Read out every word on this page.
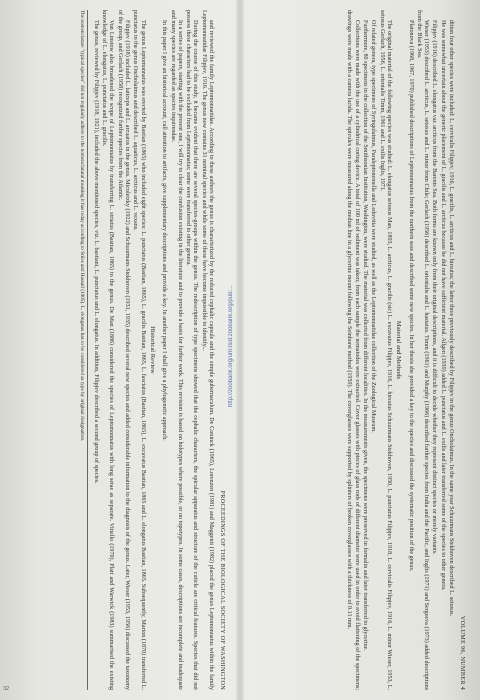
PROCEEDINGS OF THE BIOLOGICAL SOCIETY OF WASHINGTON

and reviewed the family Leptomonnatidae. According to these authors the genus is characterized by the reduced cephalic capsule and the simple gubernaculum. De Coninck (1965), Lorenzen (1981) and Maggenti (1982) placed the genus Leptomonnatus within the family Leptomonnatidae Filipjev, 1916. The genus now contains 31 nominal species and while some of these have become impossible to identify...

During the course of this study, it became evident that there are several species-groups within the genus. The redescription of type specimens showed that the cephalic characters, the spicular apparatus and structure of the cuticle are critical features. Species that did not possess these characters had to be excluded from Leptomonnatus; some were transferred to other genera.

In a series of papers, starting with the present one, I will try to clear the confusion existing in the literature and to provide a basis for further work. This revision is based on holotypes where possible, or on topotypes. In some cases, descriptions are incomplete and inadequate and many species are regarded as species inquirendae.

In this paper I give an historical account, call attention to artifacts, give supplementary descriptions and provide a key. In another paper I shall give a phylogenetic approach.

Historical Review

The genus Leptomonnatus was erected by Bastian (1865) who included eight species: L. punctatus (Bastian, 1865), L. gracilis Bastian, 1865, L. fasciatus (Bastian, 1865), L. excavatus Bastian, 1865 and L. elongatus Bastian, 1865. Subsequently, Marion (1870) transferred L. punctatus to the genus Oncholaimus and described L. aquaticus, L. arcticus and L. vexans.

Filipjev (1918) included L. laticeps and L. arcuatus in the genus. Micoletzky (1922) and Schuurmans Stekhoven (1931, 1935) described several new species and added considerable information to the diagnosis of the genus. Later, Wieser (1953, 1956) discussed the taxonomy of the group, and Gerlach (1958) recognized further species from the Atlantic.

Von Linstow also broadened the scope of Leptomonnatus by transferring L. striatus (Bastian, 1865) to the genus. De Man (1886) considered the species of Leptomonnatus with long setae as separate. Vitiello (1970), Platt and Warwick (1983) summarised the existing knowledge of L. elongatus, L. punctatus and L. gracilis.

The genus, reviewed by Filipjev (1918, 1921), included the above mentioned species, viz. L. bastiani, L. punctatus and L. elongatus. In addition, Filipjev described a second group of species.

The nomenclature "typical species" did not regularly adhere to the nomenclatural meaning it has today according to Stiles and Hassall (1905). L. elongatus has to be considered as type by original designation.
VOLUME 96, NUMBER 4

dition four other species were included: L. cervicalis Filipjev, 1916, L. gracilis, L. arcticus and L. hirsutus; the latter three previously described by Filipjev in the genus Oncholaimus. In the same year Schuurmans Stekhoven described L. setosus.

He was somewhat uncertain about the generic placement of L. gracilis and L. arcticus because he did not have sufficient material. Allgen (1939) added L. punctatus and L. exilis and later transferred some of the species to other genera.

Filipjev (1916) described L. elongatus var. arcticus from the Barents Sea. Both forms are known only from their original descriptions, and it is difficult to decide whether they represent distinct species or merely variants.

Wieser (1953) described L. arcticus, L. setosus and L. minor from Chile; Gerlach (1956) described L. orientalis and L. hastatus. Timm (1961) and Murphy (1966) described further species from India and the Pacific, and Inglis (1971) and Sergeeva (1973) added descriptions from the Black Sea.

Platonova (1968, 1967, 1970) published descriptions of Leptomonnatus from the northern seas and described some new species. In her thesis she provided a key to the species and discussed the systematic position of the genus.

Material and Methods

The original material of the following species was studied: L. elongatus setosus Man, 1893, L. arcticus, L. gracilis (sic) L. excavatus Filipjev, 1916, L. hirsutus Schuurmans Stekhoven, 1950, L. punctatus Filipjev, 1918, L. cervicalis Filipjev, 1916, L. minor Wieser, 1953, L. setosus Gerlach, 1956, L. orientalis Timm, 1961 and L. exilis Inglis, 1971.

Of related genera, type specimens of Syringolaimus, Paraleptonemella and Ledovitia were studied, as well as the Leptomonnatidae collection of the Zoological Museum.

Furthermore, 80 specimens in the collection of the Smithsonian Institution, Washington, were studied. The material was collected from different localities. In the measurements given, the specimens were preserved in formalin and later transferred to glycerine.

Collections were made with the use of a cylindrical coring device. A total of 100 ml of sediment was taken; from each sample the nematodes were extracted. Cover glasses with pieces of glass rods of different diameter were used in order to avoid flattening of the specimens; drawings were made with a camera lucida. The spicules were measured along the median line in a glycerine mount following the Seinhorst method (1959). The coverglasses were supported by splinters of broken coverglasses with a thickness of 0.11 mm.

http://zoobank.org/urn:lsid:zoobank.org/pub:...
32
